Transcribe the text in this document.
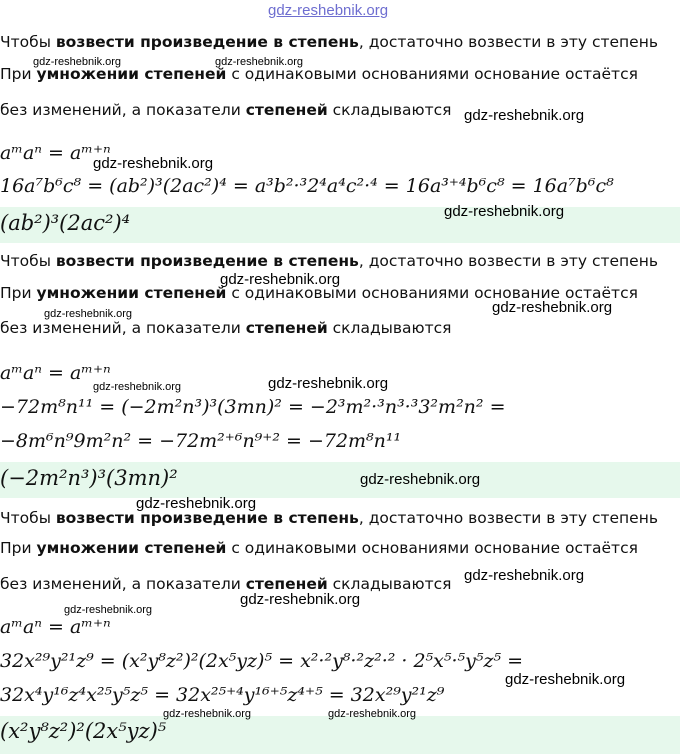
gdz-reshebnik.org
Чтобы возвести произведение в степень, достаточно возвести в эту степень
При умножении степеней с одинаковыми основаниями основание остаётся
без изменений, а показатели степеней складываются
aᵐaⁿ = aᵐ⁺ⁿ
16a⁷b⁶c⁸ = (ab²)³(2ac²)⁴ = a³b²·³2⁴a⁴c²·⁴ = 16a³⁺⁴b⁶c⁸ = 16a⁷b⁶c⁸
(ab²)³(2ac²)⁴
Чтобы возвести произведение в степень, достаточно возвести в эту степень
При умножении степеней с одинаковыми основаниями основание остаётся
без изменений, а показатели степеней складываются
aᵐaⁿ = aᵐ⁺ⁿ
−72m⁸n¹¹ = (−2m²n³)³(3mn)² = −2³m²·³n³·³3²m²n² =
−8m⁶n⁹9m²n² = −72m²⁺⁶n⁹⁺² = −72m⁸n¹¹
(−2m²n³)³(3mn)²
Чтобы возвести произведение в степень, достаточно возвести в эту степень
При умножении степеней с одинаковыми основаниями основание остаётся
без изменений, а показатели степеней складываются
aᵐaⁿ = aᵐ⁺ⁿ
32x²⁹y²¹z⁹ = (x²y⁸z²)²(2x⁵yz)⁵ = x²·²y⁸·²z²·² · 2⁵x⁵·⁵y⁵z⁵ =
32x⁴y¹⁶z⁴x²⁵y⁵z⁵ = 32x²⁵⁺⁴y¹⁶⁺⁵z⁴⁺⁵ = 32x²⁹y²¹z⁹
(x²y⁸z²)²(2x⁵yz)⁵
gdz-reshebnik.org	gdz-reshebnik.org
gdz-reshebnik.org
gdz-reshebnik.org
gdz-reshebnik.org
gdz-reshebnik.org
gdz-reshebnik.org
gdz-reshebnik.org
gdz-reshebnik.org
gdz-reshebnik.org
gdz-reshebnik.org
gdz-reshebnik.org
gdz-reshebnik.org
gdz-reshebnik.org
gdz-reshebnik.org
gdz-reshebnik.org
gdz-reshebnik.org	gdz-reshebnik.org
